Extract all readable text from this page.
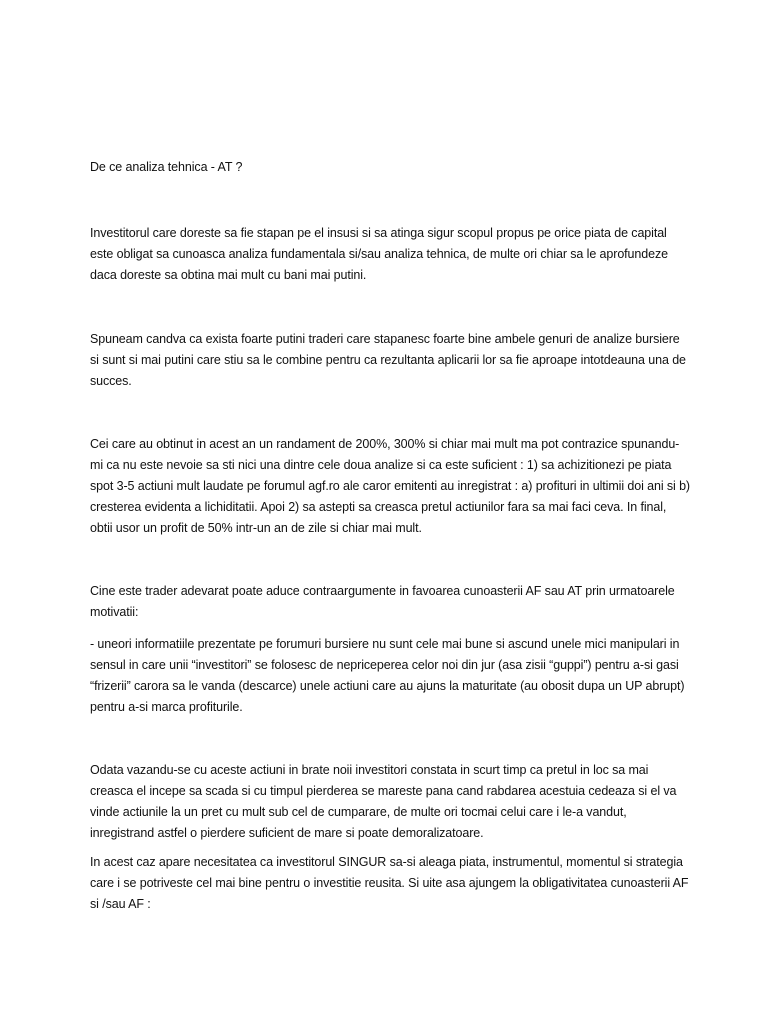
De ce analiza tehnica - AT ?

Investitorul care doreste sa fie stapan pe el insusi si sa atinga sigur scopul propus pe orice piata de capital este obligat sa cunoasca analiza fundamentala si/sau analiza tehnica, de multe ori chiar sa le aprofundeze daca doreste sa obtina mai mult cu bani mai putini.

Spuneam candva ca exista foarte putini traderi care stapanesc foarte bine ambele genuri de analize bursiere si sunt si mai putini care stiu sa le combine pentru ca rezultanta aplicarii lor sa fie aproape intotdeauna una de succes.

Cei care au obtinut in acest an un randament de 200%, 300% si chiar mai mult ma pot contrazice spunandu-mi ca nu este nevoie sa sti nici una dintre cele doua analize si ca este suficient : 1) sa achizitionezi pe piata spot 3-5 actiuni mult laudate pe forumul agf.ro ale caror emitenti au inregistrat : a) profituri in ultimii doi ani si b) cresterea evidenta a lichiditatii. Apoi 2) sa astepti sa creasca pretul actiunilor fara sa mai faci ceva. In final, obtii usor un profit de 50% intr-un an de zile si chiar mai mult.

Cine este trader adevarat poate aduce contraargumente in favoarea cunoasterii AF sau AT prin urmatoarele motivatii:

- uneori informatiile prezentate pe forumuri bursiere nu sunt cele mai bune si ascund unele mici manipulari in sensul in care unii “investitori” se folosesc de nepriceperea celor noi din jur (asa zisii “guppi”) pentru a-si gasi “frizerii” carora sa le vanda (descarce) unele actiuni care au ajuns la maturitate (au obosit dupa un UP abrupt) pentru a-si marca profiturile.

Odata vazandu-se cu aceste actiuni in brate noii investitori constata in scurt timp ca pretul in loc sa mai creasca el incepe sa scada si cu timpul pierderea se mareste pana cand rabdarea acestuia cedeaza si el va vinde actiunile la un pret cu mult sub cel de cumparare, de multe ori tocmai celui care i le-a vandut, inregistrand astfel o pierdere suficient de mare si poate demoralizatoare.

In acest caz apare necesitatea ca investitorul SINGUR sa-si aleaga piata, instrumentul, momentul si strategia care i se potriveste cel mai bine pentru o investitie reusita. Si uite asa ajungem la obligativitatea cunoasterii AF si /sau AF :
